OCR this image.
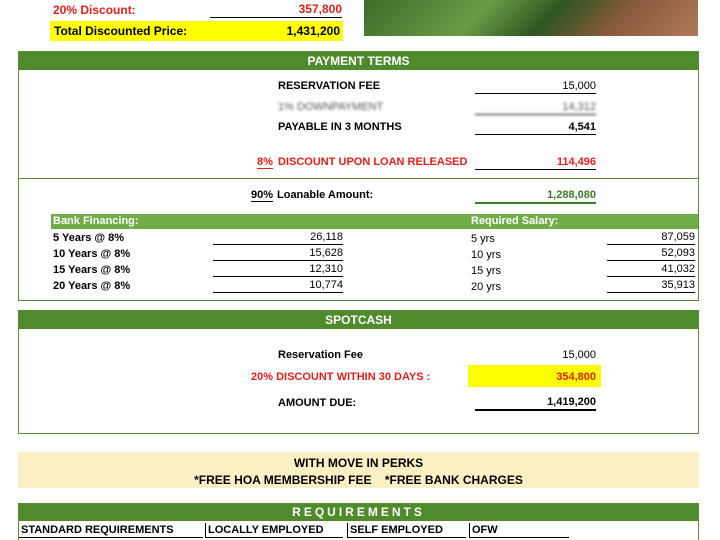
20% Discount:	357,800
Total Discounted Price:	1,431,200
PAYMENT TERMS
RESERVATION FEE	15,000
1% DOWNPAYMENT	14,312
PAYABLE IN 3 MONTHS	4,541
8% DISCOUNT UPON LOAN RELEASED	114,496
90% Loanable Amount:	1,288,080
Bank Financing:	Required Salary:
5 Years @ 8%	26,118	5 yrs	87,059
10 Years @ 8%	15,628	10 yrs	52,093
15 Years @ 8%	12,310	15 yrs	41,032
20 Years @ 8%	10,774	20 yrs	35,913
SPOTCASH
Reservation Fee	15,000
20% DISCOUNT WITHIN 30 DAYS :	354,800
AMOUNT DUE:	1,419,200
WITH MOVE IN PERKS
*FREE HOA MEMBERSHIP FEE    *FREE BANK CHARGES
REQUIREMENTS
STANDARD REQUIREMENTS	LOCALLY EMPLOYED	SELF EMPLOYED	OFW
